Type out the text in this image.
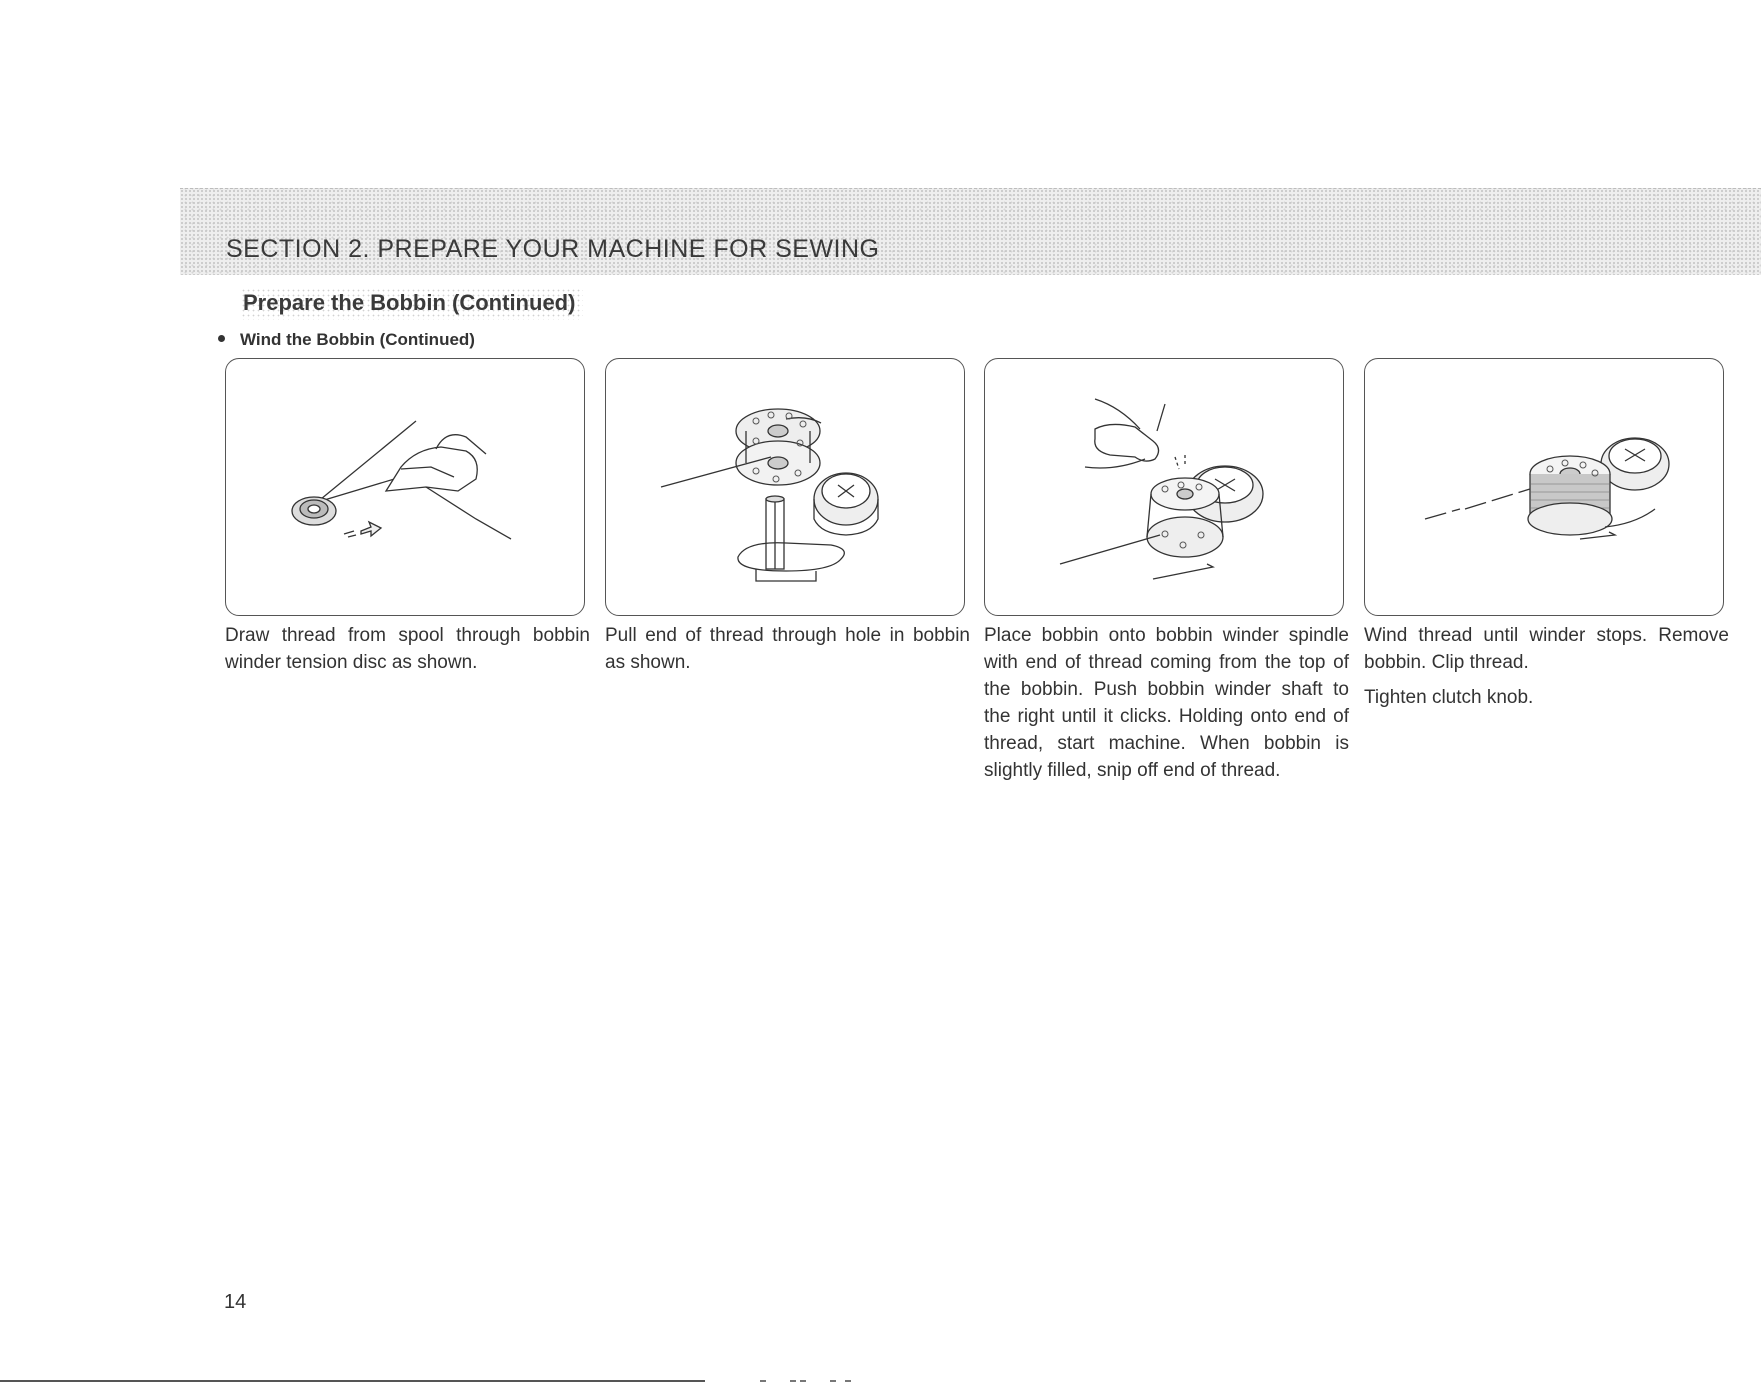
SECTION 2. PREPARE YOUR MACHINE FOR SEWING
Prepare the Bobbin (Continued)
Wind the Bobbin (Continued)

Draw thread from spool through bobbin winder tension disc as shown.

Pull end of thread through hole in bobbin as shown.

Place bobbin onto bobbin winder spindle with end of thread coming from the top of the bobbin. Push bobbin winder shaft to the right until it clicks. Holding onto end of thread, start machine. When bobbin is slightly filled, snip off end of thread.

Wind thread until winder stops. Remove bobbin. Clip thread.

Tighten clutch knob.

14
